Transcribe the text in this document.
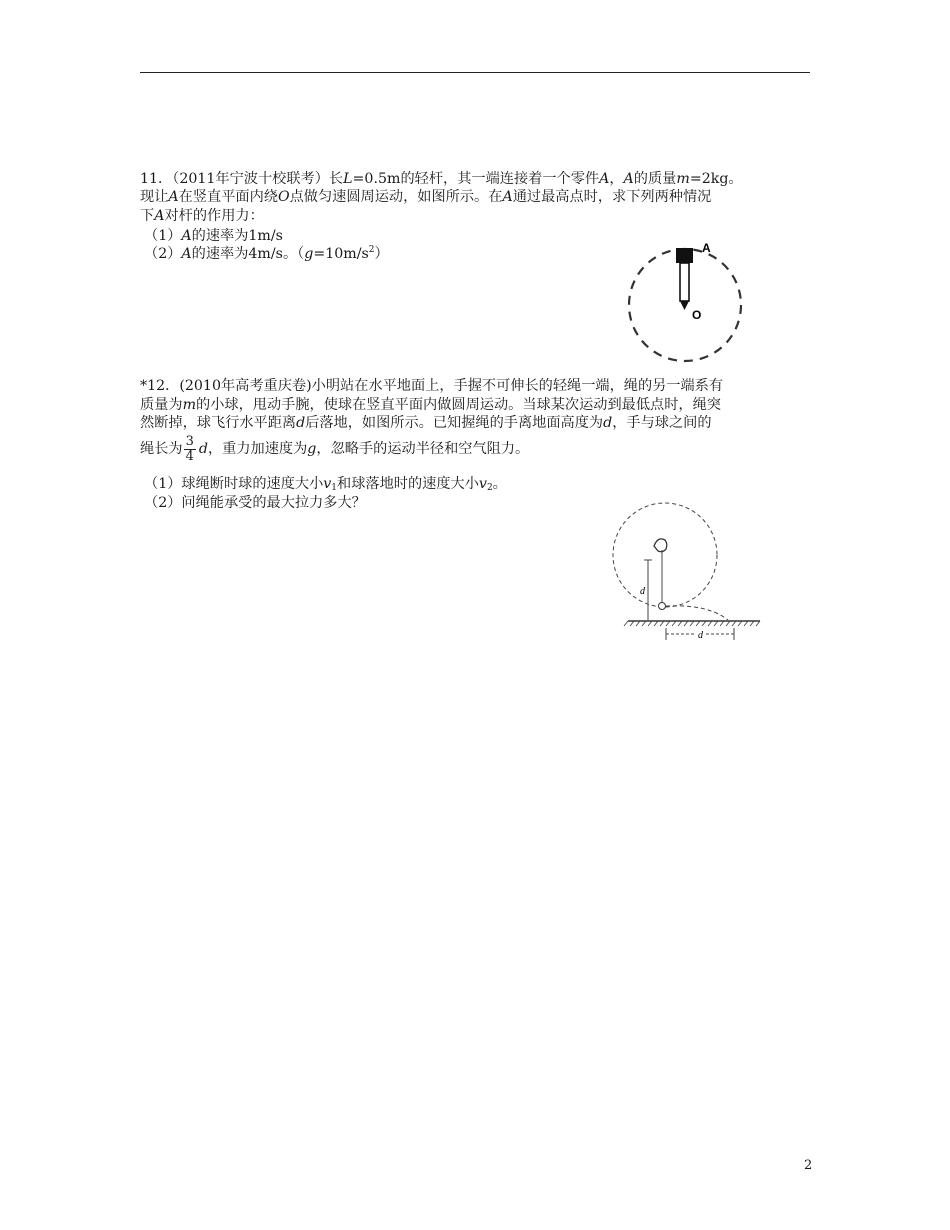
11．（2011年宁波十校联考）长L=0.5m的轻杆，其一端连接着一个零件A，A的质量m=2kg。
现让A在竖直平面内绕O点做匀速圆周运动，如图所示。在A通过最高点时，求下列两种情况
下A对杆的作用力：
（1）A的速率为1m/s
（2）A的速率为4m/s。$(g=10m/s^2)$	A
O
*12．(2010年高考重庆卷)小明站在水平地面上，手握不可伸长的轻绳一端，绳的另一端系有
质量为m的小球，甩动手腕，使球在竖直平面内做圆周运动。当球某次运动到最低点时，绳突
然断掉，球飞行水平距离d后落地，如图所示。已知握绳的手离地面高度为d，手与球之间的
绳长为 $\frac{3}{4}$ d，重力加速度为g，忽略手的运动半径和空气阻力。
（1）球绳断时球的速度大小$v_1$和球落地时的速度大小$v_2$。
（2）问绳能承受的最大拉力多大？
d
d
2
